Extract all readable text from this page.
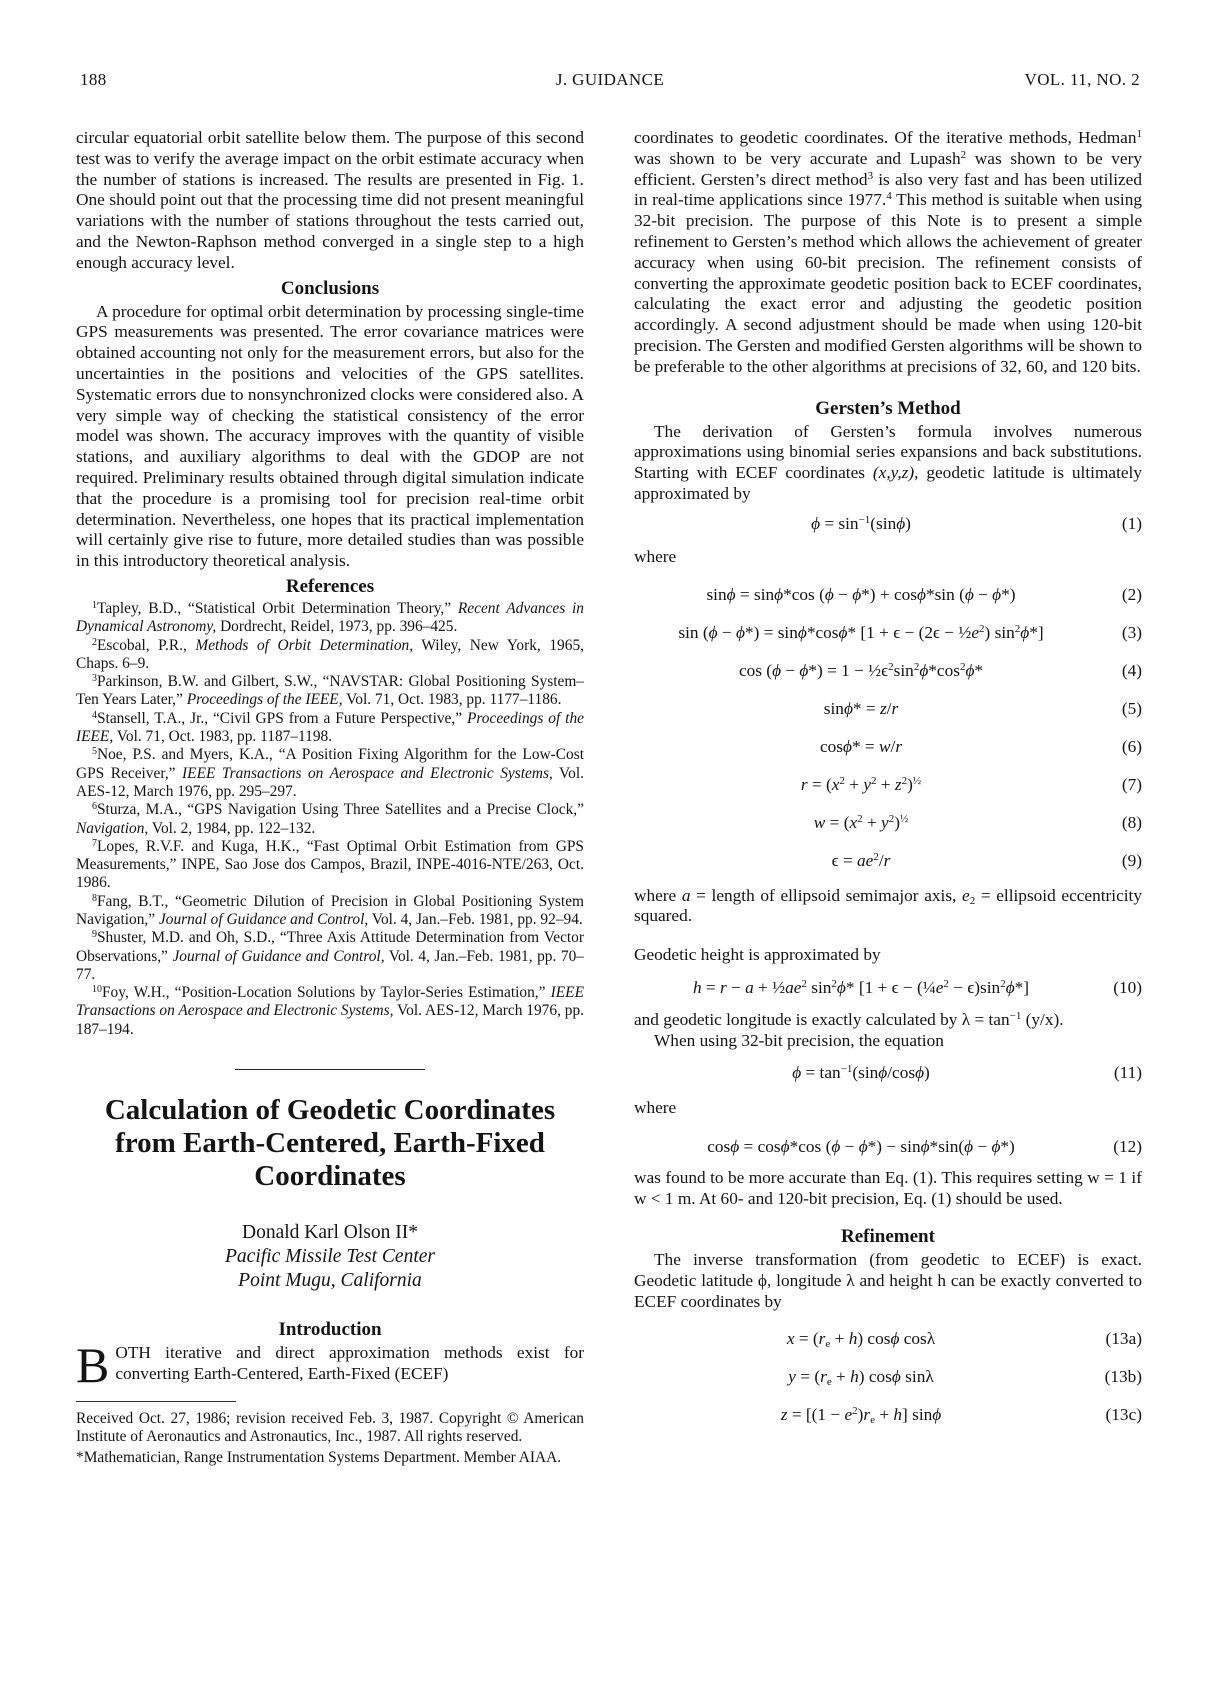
188	J. GUIDANCE	VOL. 11, NO. 2

circular equatorial orbit satellite below them. The purpose of this second test was to verify the average impact on the orbit estimate accuracy when the number of stations is increased. The results are presented in Fig. 1. One should point out that the processing time did not present meaningful variations with the number of stations throughout the tests carried out, and the Newton-Raphson method converged in a single step to a high enough accuracy level.

Conclusions

A procedure for optimal orbit determination by processing single-time GPS measurements was presented. The error covariance matrices were obtained accounting not only for the measurement errors, but also for the uncertainties in the positions and velocities of the GPS satellites. Systematic errors due to nonsynchronized clocks were considered also. A very simple way of checking the statistical consistency of the error model was shown. The accuracy improves with the quantity of visible stations, and auxiliary algorithms to deal with the GDOP are not required. Preliminary results obtained through digital simulation indicate that the procedure is a promising tool for precision real-time orbit determination. Nevertheless, one hopes that its practical implementation will certainly give rise to future, more detailed studies than was possible in this introductory theoretical analysis.

References
$^1$Tapley, B.D., “Statistical Orbit Determination Theory,” Recent Advances in Dynamical Astronomy, Dordrecht, Reidel, 1973, pp. 396–425.
$^2$Escobal, P.R., Methods of Orbit Determination, Wiley, New York, 1965, Chaps. 6–9.
$^3$Parkinson, B.W. and Gilbert, S.W., “NAVSTAR: Global Positioning System–Ten Years Later,” Proceedings of the IEEE, Vol. 71, Oct. 1983, pp. 1177–1186.
$^4$Stansell, T.A., Jr., “Civil GPS from a Future Perspective,” Proceedings of the IEEE, Vol. 71, Oct. 1983, pp. 1187–1198.
$^5$Noe, P.S. and Myers, K.A., “A Position Fixing Algorithm for the Low-Cost GPS Receiver,” IEEE Transactions on Aerospace and Electronic Systems, Vol. AES-12, March 1976, pp. 295–297.
$^6$Sturza, M.A., “GPS Navigation Using Three Satellites and a Precise Clock,” Navigation, Vol. 2, 1984, pp. 122–132.
$^7$Lopes, R.V.F. and Kuga, H.K., “Fast Optimal Orbit Estimation from GPS Measurements,” INPE, Sao Jose dos Campos, Brazil, INPE-4016-NTE/263, Oct. 1986.
$^8$Fang, B.T., “Geometric Dilution of Precision in Global Positioning System Navigation,” Journal of Guidance and Control, Vol. 4, Jan.–Feb. 1981, pp. 92–94.
$^9$Shuster, M.D. and Oh, S.D., “Three Axis Attitude Determination from Vector Observations,” Journal of Guidance and Control, Vol. 4, Jan.–Feb. 1981, pp. 70–77.
$^{10}$Foy, W.H., “Position-Location Solutions by Taylor-Series Estimation,” IEEE Transactions on Aerospace and Electronic Systems, Vol. AES-12, March 1976, pp. 187–194.
Calculation of Geodetic Coordinates from Earth-Centered, Earth-Fixed Coordinates
Donald Karl Olson II*
Pacific Missile Test Center
Point Mugu, California
Introduction

BOTH iterative and direct approximation methods exist for converting Earth-Centered, Earth-Fixed (ECEF)

Received Oct. 27, 1986; revision received Feb. 3, 1987. Copyright © American Institute of Aeronautics and Astronautics, Inc., 1987. All rights reserved.
*Mathematician, Range Instrumentation Systems Department. Member AIAA.

coordinates to geodetic coordinates. Of the iterative methods, Hedman$^1$ was shown to be very accurate and Lupash$^2$ was shown to be very efficient. Gersten’s direct method$^3$ is also very fast and has been utilized in real-time applications since 1977.$^4$ This method is suitable when using 32-bit precision. The purpose of this Note is to present a simple refinement to Gersten’s method which allows the achievement of greater accuracy when using 60-bit precision. The refinement consists of converting the approximate geodetic position back to ECEF coordinates, calculating the exact error and adjusting the geodetic position accordingly. A second adjustment should be made when using 120-bit precision. The Gersten and modified Gersten algorithms will be shown to be preferable to the other algorithms at precisions of 32, 60, and 120 bits.

Gersten’s Method

The derivation of Gersten’s formula involves numerous approximations using binomial series expansions and back substitutions. Starting with ECEF coordinates (x,y,z), geodetic latitude is ultimately approximated by

$\phi = \sin^{-1}(\sin\phi)$	(1)
where
sinϕ = sinϕ*cos (ϕ − ϕ*) + cosϕ*sin (ϕ − ϕ*)	(2)
sin (ϕ − ϕ*) = sinϕ*cosϕ* [$1 + \epsilon - (2\epsilon - \frac{1}{2}e^2)$ $\sin^2\phi*$]	(3)
$\cos (\phi - \phi*) = 1 - \frac{1}{2}\epsilon^2\sin^2\phi*\cos^2\phi*$	(4)
sinϕ* = z/r	(5)
cosϕ* = w/r	(6)
$r = (x^2 + y^2 + z^2)^{\frac{1}{2}}$	(7)
$w = (x^2 + y^2)^{\frac{1}{2}}$	(8)
$\epsilon = ae^2/r$	(9)

where a = length of ellipsoid semimajor axis, $e_2$ = ellipsoid eccentricity squared.

Geodetic height is approximated by

$h = r - a + \frac{1}{2}ae^2$ $\sin^2\phi*$ $[1 + \epsilon - (\frac{1}{4}e^2 - \epsilon)\sin^2\phi*]$	(10)

and geodetic longitude is exactly calculated by $\lambda = \tan^{-1} (y/x)$.

When using 32-bit precision, the equation

$\phi = \tan^{-1}(\sin\phi/\cos\phi)$	(11)
where
cosϕ = cosϕ*cos (ϕ − ϕ*) − sinϕ*sin(ϕ − ϕ*)	(12)

was found to be more accurate than Eq. (1). This requires setting w = 1 if w < 1 m. At 60- and 120-bit precision, Eq. (1) should be used.

Refinement

The inverse transformation (from geodetic to ECEF) is exact. Geodetic latitude ϕ, longitude λ and height h can be exactly converted to ECEF coordinates by

$x = (r_e + h)$ cosϕ cosλ	(13a)
$y = (r_e + h)$ cosϕ sinλ	(13b)
$z = [(1 - e^2)r_e + h]$ sinϕ	(13c)
